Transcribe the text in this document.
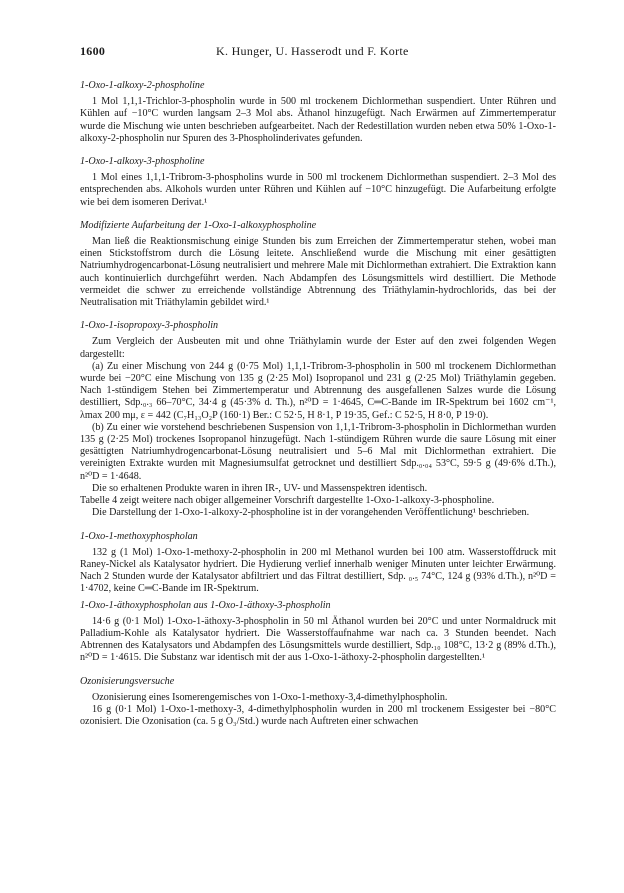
1600	K. Hunger, U. Hasserodt und F. Korte
1-Oxo-1-alkoxy-2-phospholine

1 Mol 1,1,1-Trichlor-3-phospholin wurde in 500 ml trockenem Dichlormethan suspendiert. Unter Rühren und Kühlen auf −10°C wurden langsam 2–3 Mol abs. Äthanol hinzugefügt. Nach Erwärmen auf Zimmertemperatur wurde die Mischung wie unten beschrieben aufgearbeitet. Nach der Redestillation wurden neben etwa 50% 1-Oxo-1-alkoxy-2-phospholin nur Spuren des 3-Phospholinderivates gefunden.

1-Oxo-1-alkoxy-3-phospholine

1 Mol eines 1,1,1-Tribrom-3-phospholins wurde in 500 ml trockenem Dichlormethan suspendiert. 2–3 Mol des entsprechenden abs. Alkohols wurden unter Rühren und Kühlen auf −10°C hinzugefügt. Die Aufarbeitung erfolgte wie bei dem isomeren Derivat.¹

Modifizierte Aufarbeitung der 1-Oxo-1-alkoxyphospholine

Man ließ die Reaktionsmischung einige Stunden bis zum Erreichen der Zimmertemperatur stehen, wobei man einen Stickstoffstrom durch die Lösung leitete. Anschließend wurde die Mischung mit einer gesättigten Natriumhydrogencarbonat-Lösung neutralisiert und mehrere Male mit Dichlormethan extrahiert. Die Extraktion kann auch kontinuierlich durchgeführt werden. Nach Abdampfen des Lösungsmittels wird destilliert. Die Methode vermeidet die schwer zu erreichende vollständige Abtrennung des Triäthylamin-hydrochlorids, das bei der Neutralisation mit Triäthylamin gebildet wird.¹

1-Oxo-1-isopropoxy-3-phospholin

Zum Vergleich der Ausbeuten mit und ohne Triäthylamin wurde der Ester auf den zwei folgenden Wegen dargestellt:

(a) Zu einer Mischung von 244 g (0·75 Mol) 1,1,1-Tribrom-3-phospholin in 500 ml trockenem Dichlormethan wurde bei −20°C eine Mischung von 135 g (2·25 Mol) Isopropanol und 231 g (2·25 Mol) Triäthylamin gegeben. Nach 1-stündigem Stehen bei Zimmertemperatur und Abtrennung des ausgefallenen Salzes wurde die Lösung destilliert, Sdp.₀.₃ 66–70°C, 34·4 g (45·3% d. Th.), n²⁰D = 1·4645, C═C-Bande im IR-Spektrum bei 1602 cm⁻¹, λmax 200 mμ, ε = 442 (C₇H₁₃O₂P (160·1) Ber.: C 52·5, H 8·1, P 19·35, Gef.: C 52·5, H 8·0, P 19·0).

(b) Zu einer wie vorstehend beschriebenen Suspension von 1,1,1-Tribrom-3-phospholin in Dichlormethan wurden 135 g (2·25 Mol) trockenes Isopropanol hinzugefügt. Nach 1-stündigem Rühren wurde die saure Lösung mit einer gesättigten Natriumhydrogencarbonat-Lösung neutralisiert und 5–6 Mal mit Dichlormethan extrahiert. Die vereinigten Extrakte wurden mit Magnesiumsulfat getrocknet und destilliert Sdp.₀.₀₄ 53°C, 59·5 g (49·6% d.Th.), n²⁰D = 1·4648.

Die so erhaltenen Produkte waren in ihren IR-, UV- und Massenspektren identisch.

Tabelle 4 zeigt weitere nach obiger allgemeiner Vorschrift dargestellte 1-Oxo-1-alkoxy-3-phospholine.

Die Darstellung der 1-Oxo-1-alkoxy-2-phospholine ist in der vorangehenden Veröffentlichung¹ beschrieben.

1-Oxo-1-methoxyphospholan

132 g (1 Mol) 1-Oxo-1-methoxy-2-phospholin in 200 ml Methanol wurden bei 100 atm. Wasserstoffdruck mit Raney-Nickel als Katalysator hydriert. Die Hydierung verlief innerhalb weniger Minuten unter leichter Erwärmung. Nach 2 Stunden wurde der Katalysator abfiltriert und das Filtrat destilliert, Sdp. ₀.₅ 74°C, 124 g (93% d.Th.), n²⁰D = 1·4702, keine C═C-Bande im IR-Spektrum.

1-Oxo-1-äthoxyphospholan aus 1-Oxo-1-äthoxy-3-phospholin

14·6 g (0·1 Mol) 1-Oxo-1-äthoxy-3-phospholin in 50 ml Äthanol wurden bei 20°C und unter Normaldruck mit Palladium-Kohle als Katalysator hydriert. Die Wasserstoffaufnahme war nach ca. 3 Stunden beendet. Nach Abtrennen des Katalysators und Abdampfen des Lösungsmittels wurde destilliert, Sdp.₁₀ 108°C, 13·2 g (89% d.Th.), n²⁰D = 1·4615. Die Substanz war identisch mit der aus 1-Oxo-1-äthoxy-2-phospholin dargestellten.¹

Ozonisierungsversuche

Ozonisierung eines Isomerengemisches von 1-Oxo-1-methoxy-3,4-dimethylphospholin.

16 g (0·1 Mol) 1-Oxo-1-methoxy-3, 4-dimethylphospholin wurden in 200 ml trockenem Essigester bei −80°C ozonisiert. Die Ozonisation (ca. 5 g O₃/Std.) wurde nach Auftreten einer schwachen
